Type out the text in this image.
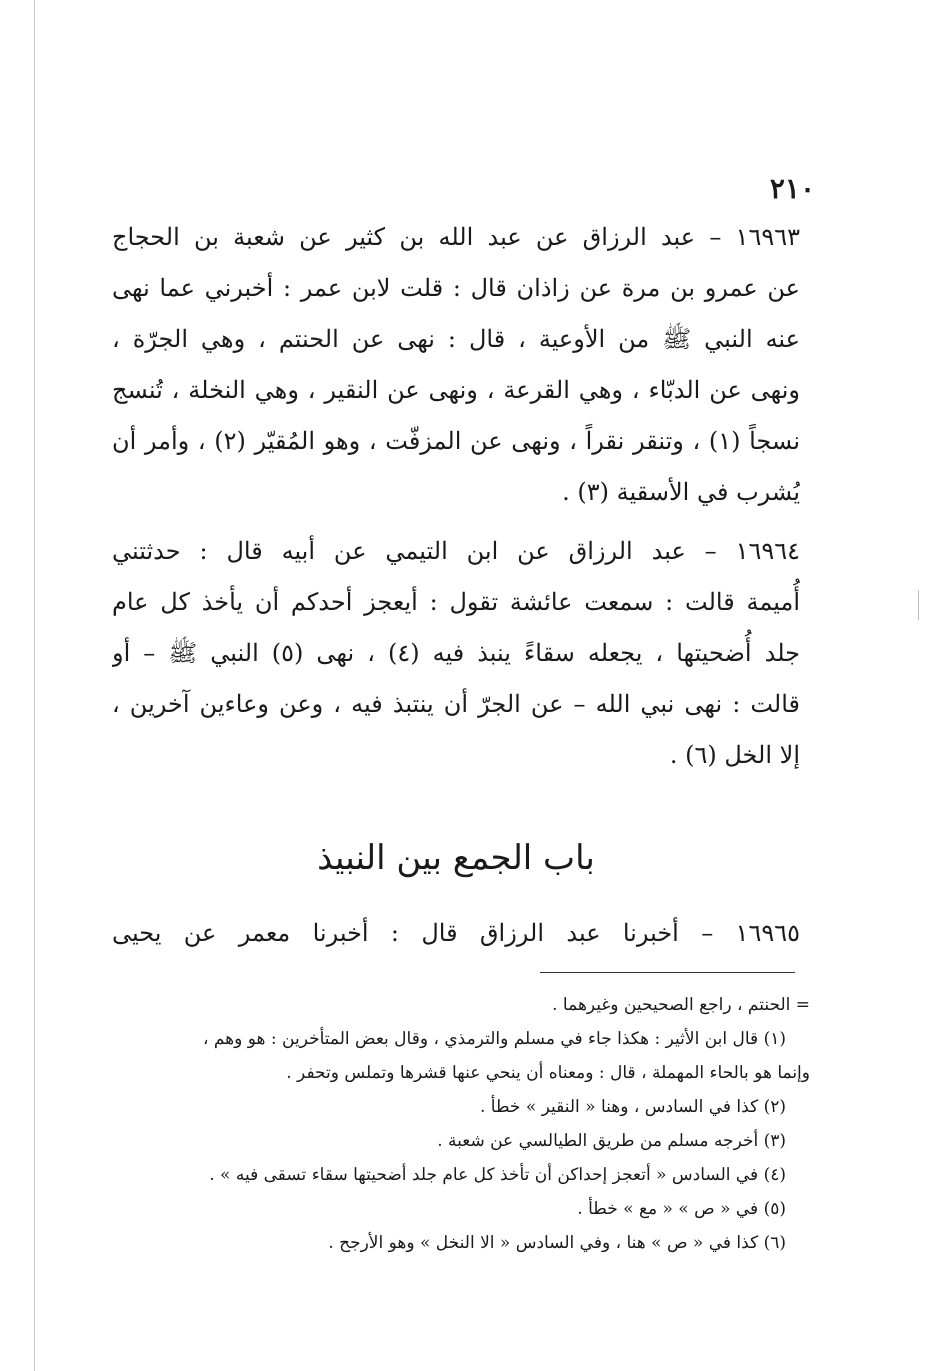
٢١٠
١٦٩٦٣ – عبد الرزاق عن عبد الله بن كثير عن شعبة بن الحجاج
عن عمرو بن مرة عن زاذان قال : قلت لابن عمر : أخبرني عما نهى
عنه النبي ﷺ من الأوعية ، قال : نهى عن الحنتم ، وهي الجرّة ،
ونهى عن الدبّاء ، وهي القرعة ، ونهى عن النقير ، وهي النخلة ، تُنسج
نسجاً (١) ، وتنقر نقراً ، ونهى عن المزفّت ، وهو المُقيّر (٢) ، وأمر أن
يُشرب في الأسقية (٣) .
١٦٩٦٤ – عبد الرزاق عن ابن التيمي عن أبيه قال : حدثتني
أُميمة قالت : سمعت عائشة تقول : أيعجز أحدكم أن يأخذ كل عام
جلد أُضحيتها ، يجعله سقاءً ينبذ فيه (٤) ، نهى (٥) النبي ﷺ – أو
قالت : نهى نبي الله – عن الجرّ أن ينتبذ فيه ، وعن وعاءين آخرين ،
إلا الخل (٦) .
باب الجمع بين النبيذ
١٦٩٦٥ – أخبرنا عبد الرزاق قال : أخبرنا معمر عن يحيى
= الحنتم ، راجع الصحيحين وغيرهما .
(١) قال ابن الأثير : هكذا جاء في مسلم والترمذي ، وقال بعض المتأخرين : هو وهم ،
وإنما هو بالحاء المهملة ، قال : ومعناه أن ينحي عنها قشرها وتملس وتحفر .
(٢) كذا في السادس ، وهنا « النقير » خطأ .
(٣) أخرجه مسلم من طريق الطيالسي عن شعبة .
(٤) في السادس « أتعجز إحداكن أن تأخذ كل عام جلد أضحيتها سقاء تسقى فيه » .
(٥) في « ص » « مع » خطأ .
(٦) كذا في « ص » هنا ، وفي السادس « الا النخل » وهو الأرجح .
